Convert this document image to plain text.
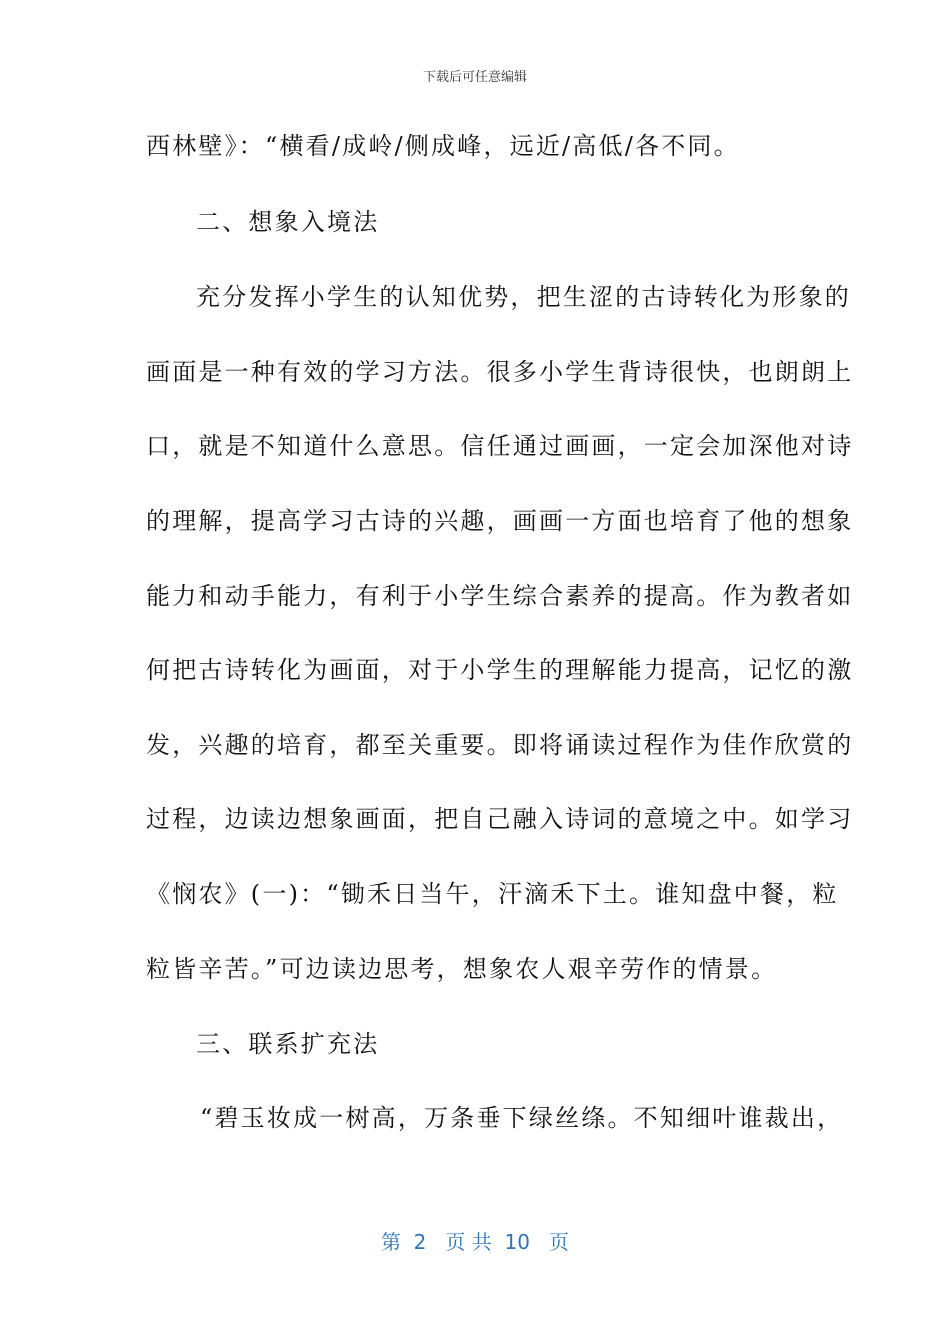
下载后可任意编辑
西林壁》：“横看/成岭/侧成峰，远近/高低/各不同。
二、想象入境法
充分发挥小学生的认知优势，把生涩的古诗转化为形象的
画面是一种有效的学习方法。很多小学生背诗很快，也朗朗上
口，就是不知道什么意思。信任通过画画，一定会加深他对诗
的理解，提高学习古诗的兴趣，画画一方面也培育了他的想象
能力和动手能力，有利于小学生综合素养的提高。作为教者如
何把古诗转化为画面，对于小学生的理解能力提高，记忆的激
发，兴趣的培育，都至关重要。即将诵读过程作为佳作欣赏的
过程，边读边想象画面，把自己融入诗词的意境之中。如学习
《悯农》(一)：“锄禾日当午，汗滴禾下土。谁知盘中餐，粒
粒皆辛苦。”可边读边思考，想象农人艰辛劳作的情景。
三、联系扩充法
“碧玉妆成一树高，万条垂下绿丝绦。不知细叶谁裁出，
第  2   页 共  10   页
